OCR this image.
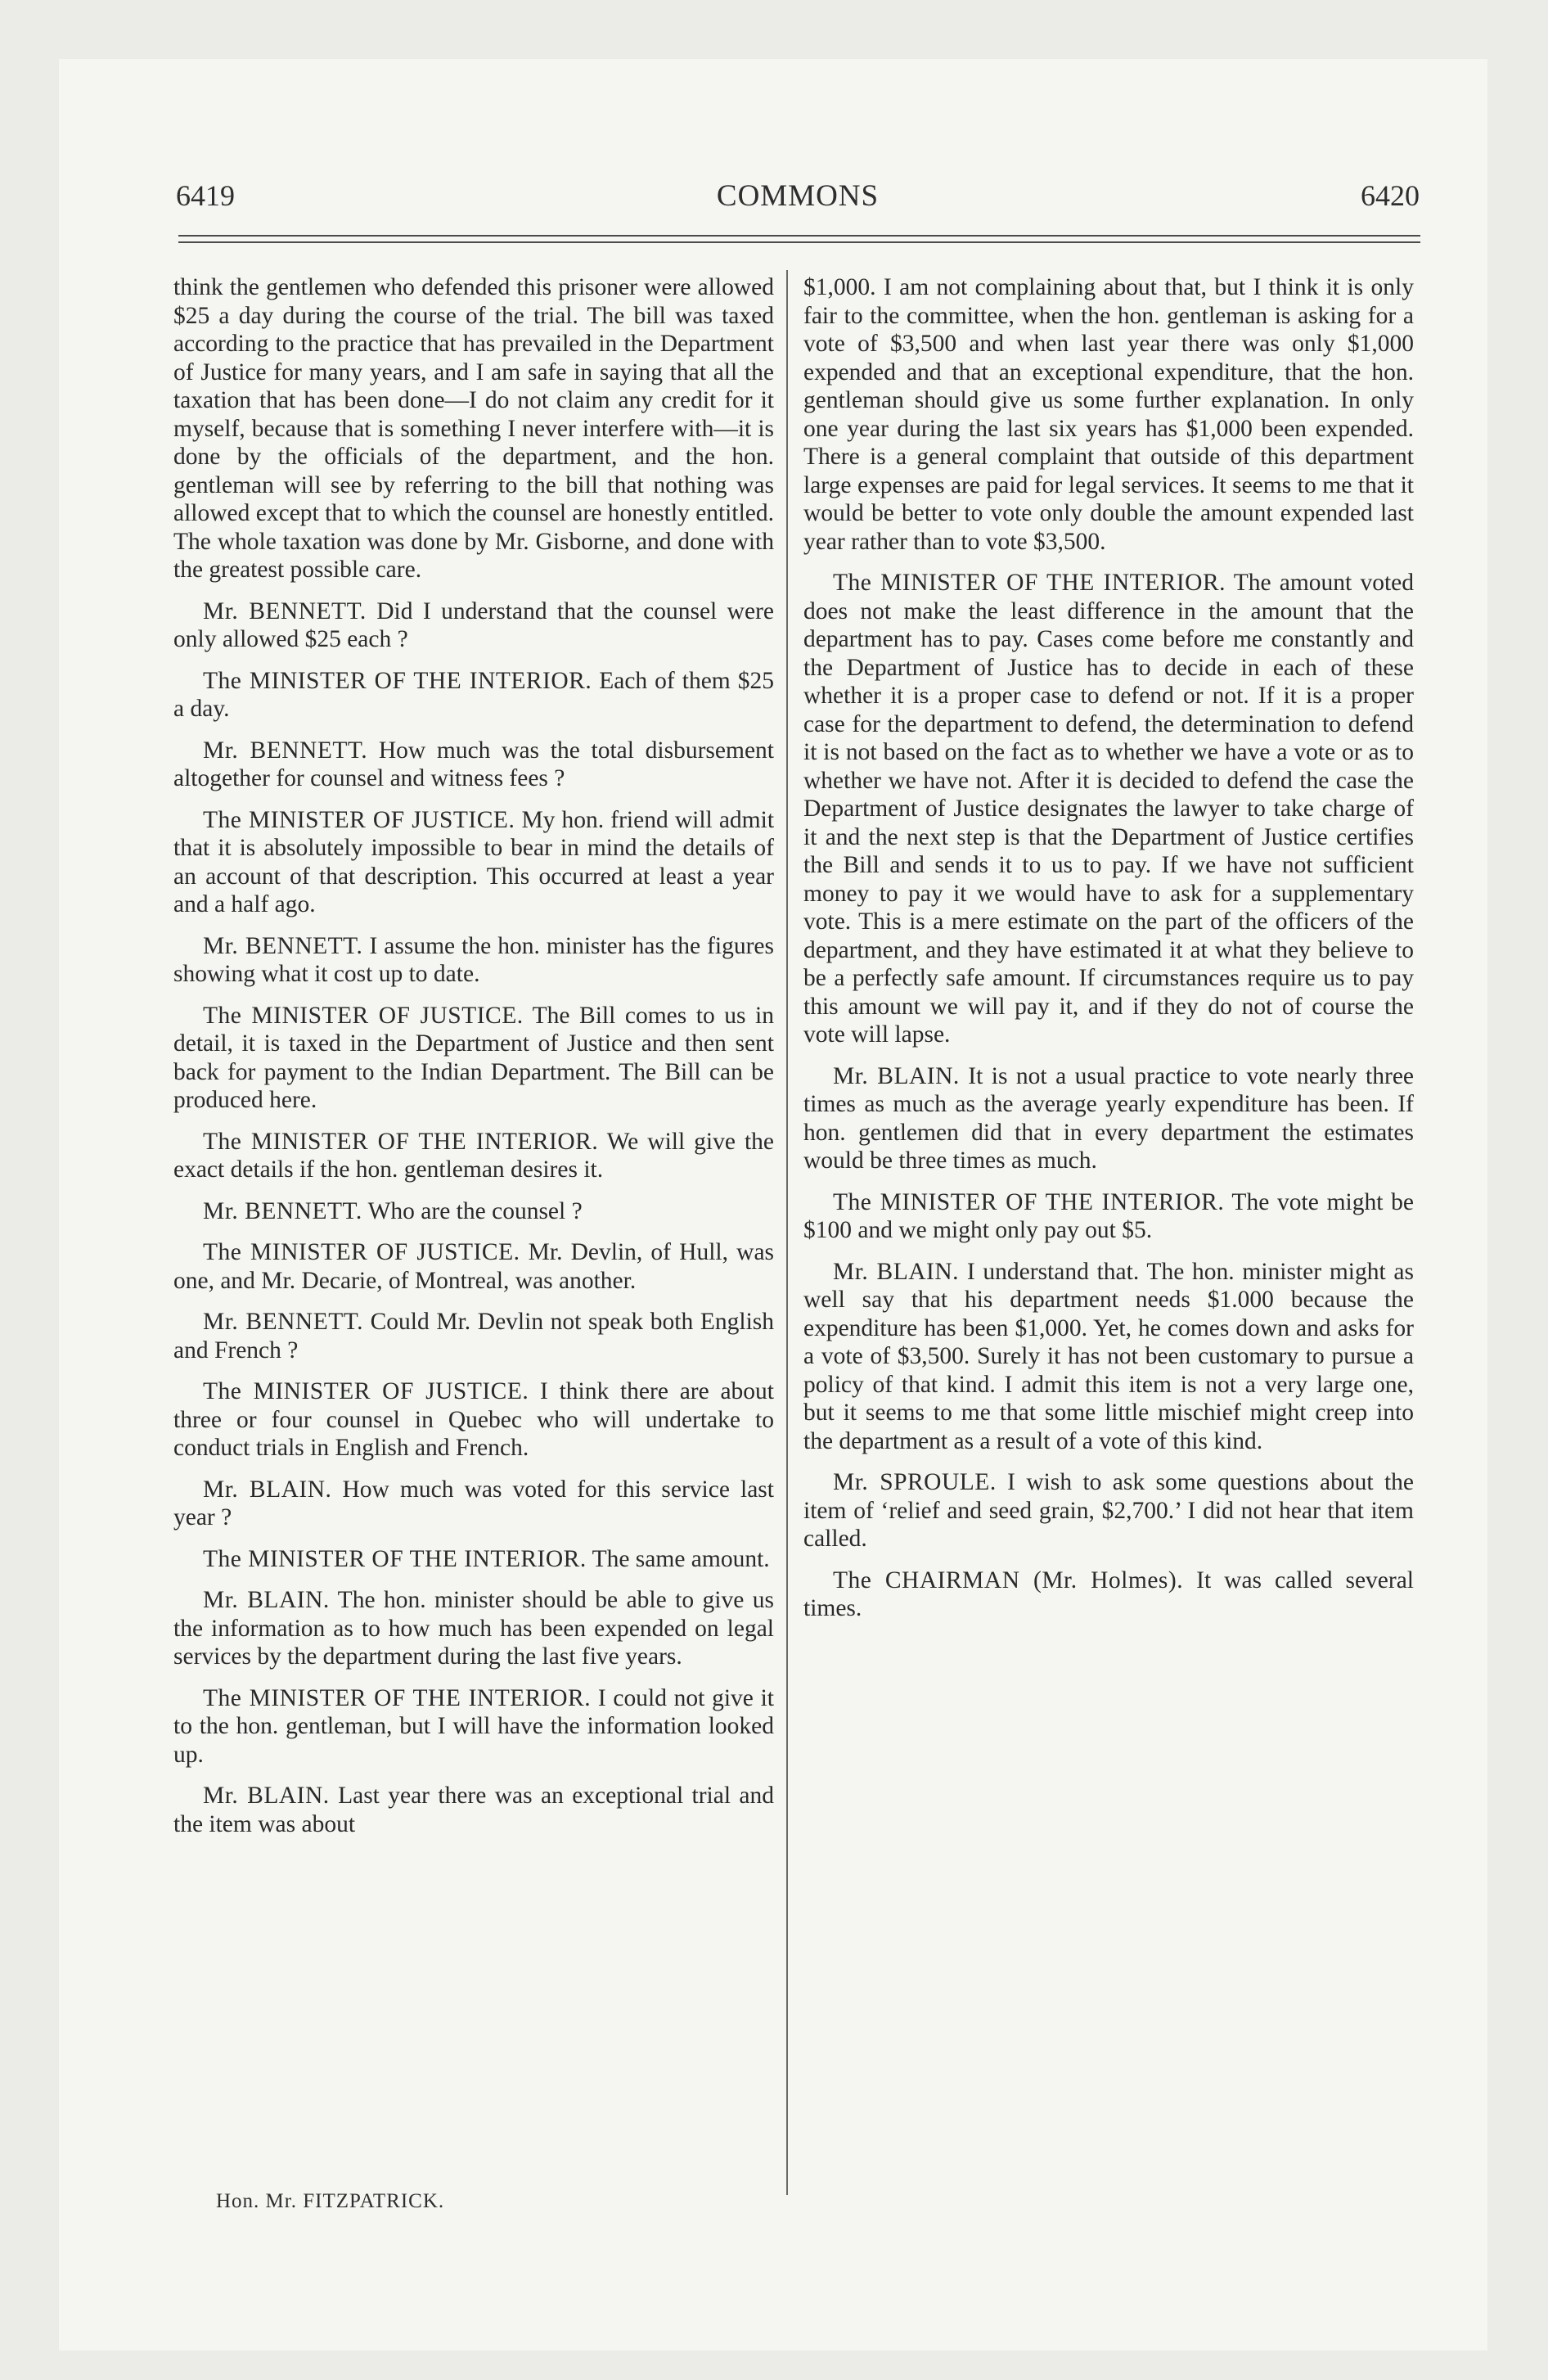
6419	COMMONS	6420

think the gentlemen who defended this prisoner were allowed $25 a day during the course of the trial. The bill was taxed according to the practice that has prevailed in the Department of Justice for many years, and I am safe in saying that all the taxation that has been done—I do not claim any credit for it myself, because that is something I never interfere with—it is done by the officials of the department, and the hon. gentleman will see by referring to the bill that nothing was allowed except that to which the counsel are honestly entitled. The whole taxation was done by Mr. Gisborne, and done with the greatest possible care.

Mr. BENNETT. Did I understand that the counsel were only allowed $25 each ?

The MINISTER OF THE INTERIOR. Each of them $25 a day.

Mr. BENNETT. How much was the total disbursement altogether for counsel and witness fees ?

The MINISTER OF JUSTICE. My hon. friend will admit that it is absolutely impossible to bear in mind the details of an account of that description. This occurred at least a year and a half ago.

Mr. BENNETT. I assume the hon. minister has the figures showing what it cost up to date.

The MINISTER OF JUSTICE. The Bill comes to us in detail, it is taxed in the Department of Justice and then sent back for payment to the Indian Department. The Bill can be produced here.

The MINISTER OF THE INTERIOR. We will give the exact details if the hon. gentleman desires it.

Mr. BENNETT. Who are the counsel ?

The MINISTER OF JUSTICE. Mr. Devlin, of Hull, was one, and Mr. Decarie, of Montreal, was another.

Mr. BENNETT. Could Mr. Devlin not speak both English and French ?

The MINISTER OF JUSTICE. I think there are about three or four counsel in Quebec who will undertake to conduct trials in English and French.

Mr. BLAIN. How much was voted for this service last year ?

The MINISTER OF THE INTERIOR. The same amount.

Mr. BLAIN. The hon. minister should be able to give us the information as to how much has been expended on legal services by the department during the last five years.

The MINISTER OF THE INTERIOR. I could not give it to the hon. gentleman, but I will have the information looked up.

Mr. BLAIN. Last year there was an exceptional trial and the item was about

$1,000. I am not complaining about that, but I think it is only fair to the committee, when the hon. gentleman is asking for a vote of $3,500 and when last year there was only $1,000 expended and that an exceptional expenditure, that the hon. gentleman should give us some further explanation. In only one year during the last six years has $1,000 been expended. There is a general complaint that outside of this department large expenses are paid for legal services. It seems to me that it would be better to vote only double the amount expended last year rather than to vote $3,500.

The MINISTER OF THE INTERIOR. The amount voted does not make the least difference in the amount that the department has to pay. Cases come before me constantly and the Department of Justice has to decide in each of these whether it is a proper case to defend or not. If it is a proper case for the department to defend, the determination to defend it is not based on the fact as to whether we have a vote or as to whether we have not. After it is decided to defend the case the Department of Justice designates the lawyer to take charge of it and the next step is that the Department of Justice certifies the Bill and sends it to us to pay. If we have not sufficient money to pay it we would have to ask for a supplementary vote. This is a mere estimate on the part of the officers of the department, and they have estimated it at what they believe to be a perfectly safe amount. If circumstances require us to pay this amount we will pay it, and if they do not of course the vote will lapse.

Mr. BLAIN. It is not a usual practice to vote nearly three times as much as the average yearly expenditure has been. If hon. gentlemen did that in every department the estimates would be three times as much.

The MINISTER OF THE INTERIOR. The vote might be $100 and we might only pay out $5.

Mr. BLAIN. I understand that. The hon. minister might as well say that his department needs $1.000 because the expenditure has been $1,000. Yet, he comes down and asks for a vote of $3,500. Surely it has not been customary to pursue a policy of that kind. I admit this item is not a very large one, but it seems to me that some little mischief might creep into the department as a result of a vote of this kind.

Mr. SPROULE. I wish to ask some questions about the item of ‘relief and seed grain, $2,700.’ I did not hear that item called.

The CHAIRMAN (Mr. Holmes). It was called several times.

Hon. Mr. FITZPATRICK.
